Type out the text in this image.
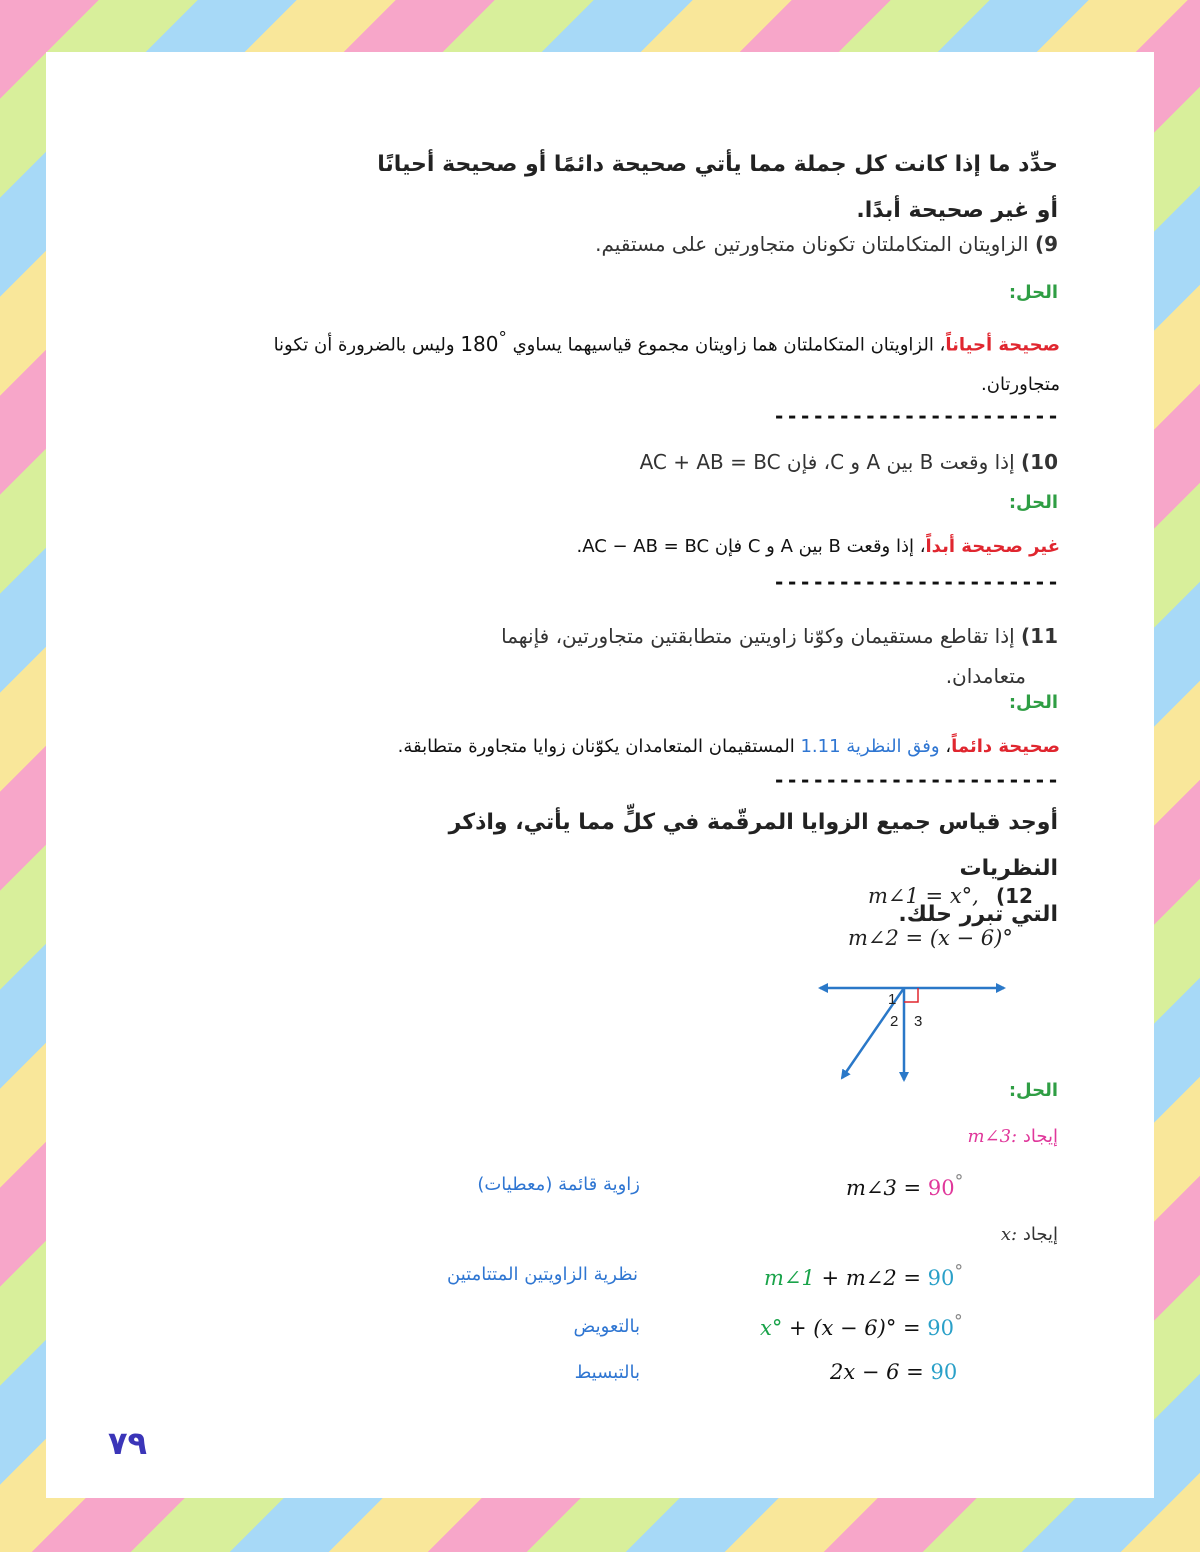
حدِّد ما إذا كانت كل جملة مما يأتي صحيحة دائمًا أو صحيحة أحيانًا
أو غير صحيحة أبدًا.
9) الزاويتان المتكاملتان تكونان متجاورتين على مستقيم.
الحل:
صحيحة أحياناً، الزاويتان المتكاملتان هما زاويتان مجموع قياسيهما يساوي 180° وليس بالضرورة أن تكونا
متجاورتان.
----------------------
10) إذا وقعت B بين A و C، فإن AC + AB = BC
الحل:
غير صحيحة أبداً، إذا وقعت B بين A و C فإن AC − AB = BC.
----------------------
11) إذا تقاطع مستقيمان وكوّنا زاويتين متطابقتين متجاورتين، فإنهما
متعامدان.
الحل:
صحيحة دائماً، وفق النظرية 1.11 المستقيمان المتعامدان يكوّنان زوايا متجاورة متطابقة.
----------------------
أوجد قياس جميع الزوايا المرقّمة في كلٍّ مما يأتي، واذكر النظريات
التي تبرر حلك.
(12
m∠1 = x°,
m∠2 = (x − 6)°
1
2 3
الحل:
إيجاد m∠3:
m∠3 = 90°
زاوية قائمة (معطيات)
إيجاد x:
m∠1 + m∠2 = 90°
نظرية الزاويتين المتتامتين
x° + (x − 6)° = 90°
بالتعويض
2x − 6 = 90
بالتبسيط
٧٩
